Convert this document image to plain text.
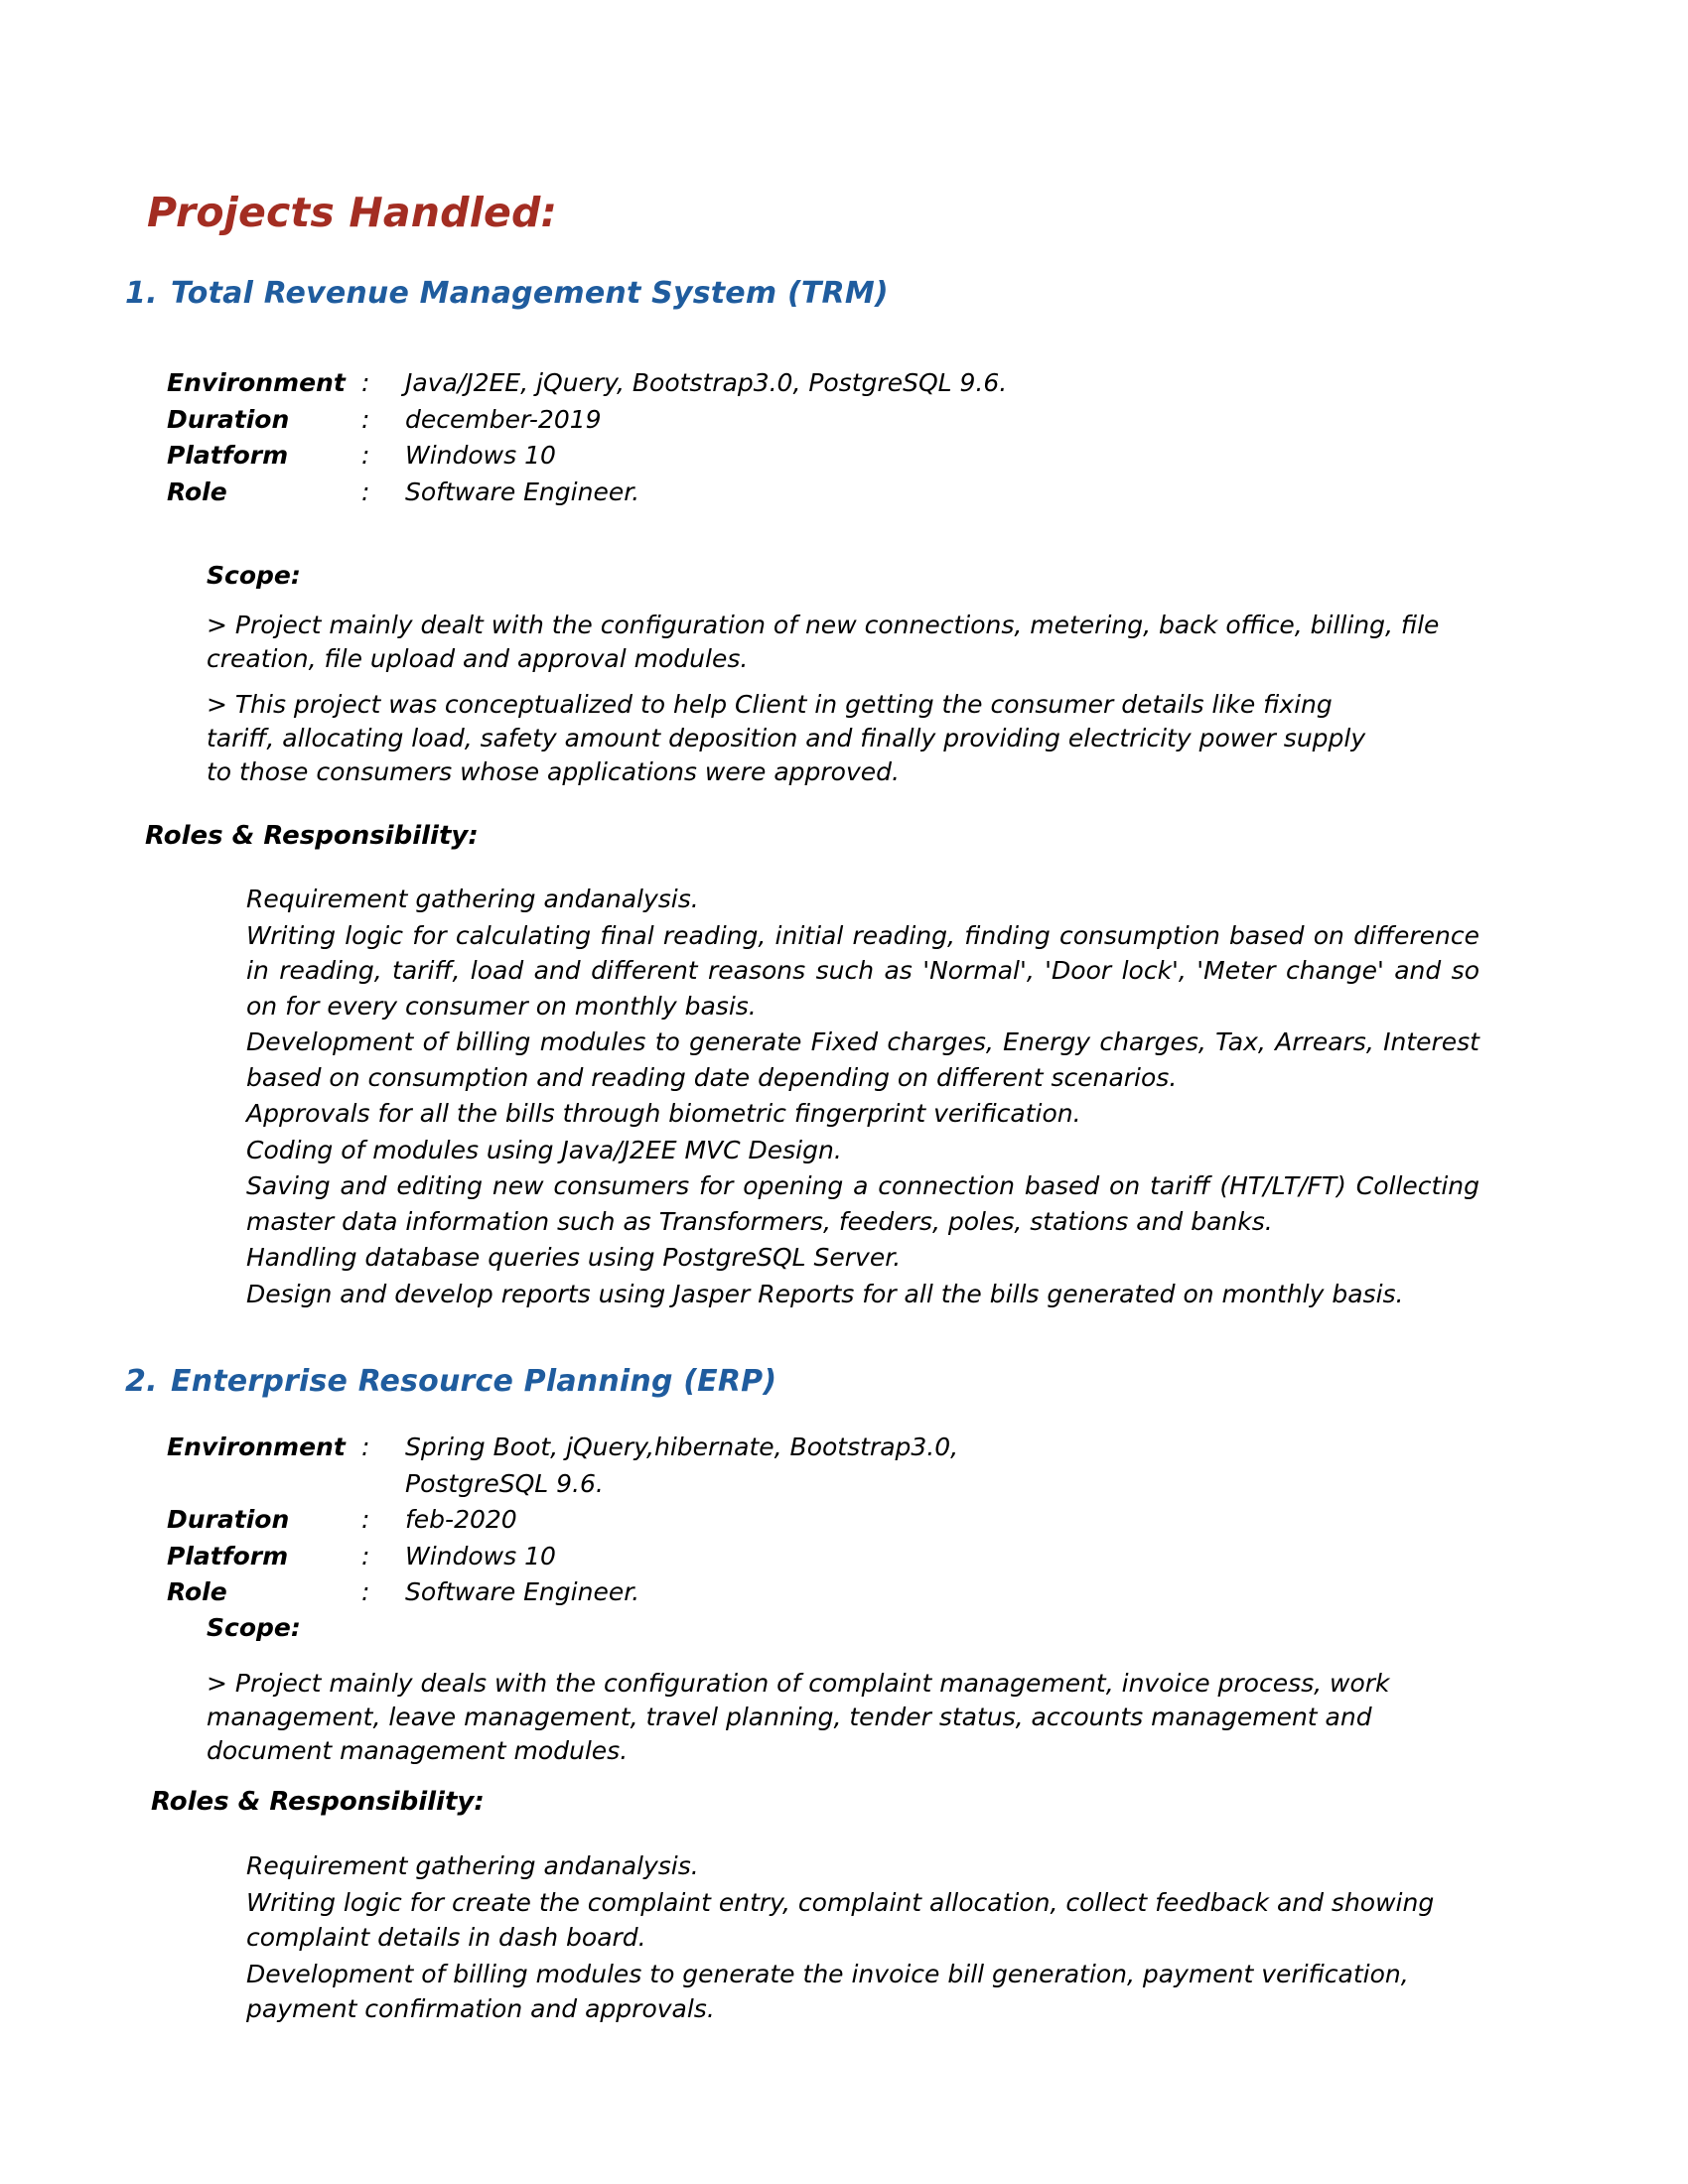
Projects Handled:
1. Total Revenue Management System (TRM)
Environment :	Java/J2EE, jQuery, Bootstrap3.0, PostgreSQL 9.6.
Duration	:	december-2019
Platform	:	Windows 10
Role	:	Software Engineer.
Scope:
> Project mainly dealt with the configuration of new connections, metering, back office, billing, file creation, file upload and approval modules.
> This project was conceptualized to help Client in getting the consumer details like fixing tariff, allocating load, safety amount deposition and finally providing electricity power supply to those consumers whose applications were approved.
Roles & Responsibility:
Requirement gathering andanalysis.
Writing logic for calculating final reading, initial reading, finding consumption based on difference in reading, tariff, load and different reasons such as 'Normal', 'Door lock', 'Meter change' and so on for every consumer on monthly basis.
Development of billing modules to generate Fixed charges, Energy charges, Tax, Arrears, Interest based on consumption and reading date depending on different scenarios.
Approvals for all the bills through biometric fingerprint verification.
Coding of modules using Java/J2EE MVC Design.
Saving and editing new consumers for opening a connection based on tariff (HT/LT/FT) Collecting master data information such as Transformers, feeders, poles, stations and banks.
Handling database queries using PostgreSQL Server.
Design and develop reports using Jasper Reports for all the bills generated on monthly basis.
2. Enterprise Resource Planning (ERP)
Environment :	Spring Boot, jQuery,hibernate, Bootstrap3.0,
PostgreSQL 9.6.
Duration	:	feb-2020
Platform	:	Windows 10
Role	:	Software Engineer.
Scope:
> Project mainly deals with the configuration of complaint management, invoice process, work management, leave management, travel planning, tender status, accounts management and document management modules.
Roles & Responsibility:
Requirement gathering andanalysis.
Writing logic for create the complaint entry, complaint allocation, collect feedback and showing complaint details in dash board.
Development of billing modules to generate the invoice bill generation, payment verification, payment confirmation and approvals.
